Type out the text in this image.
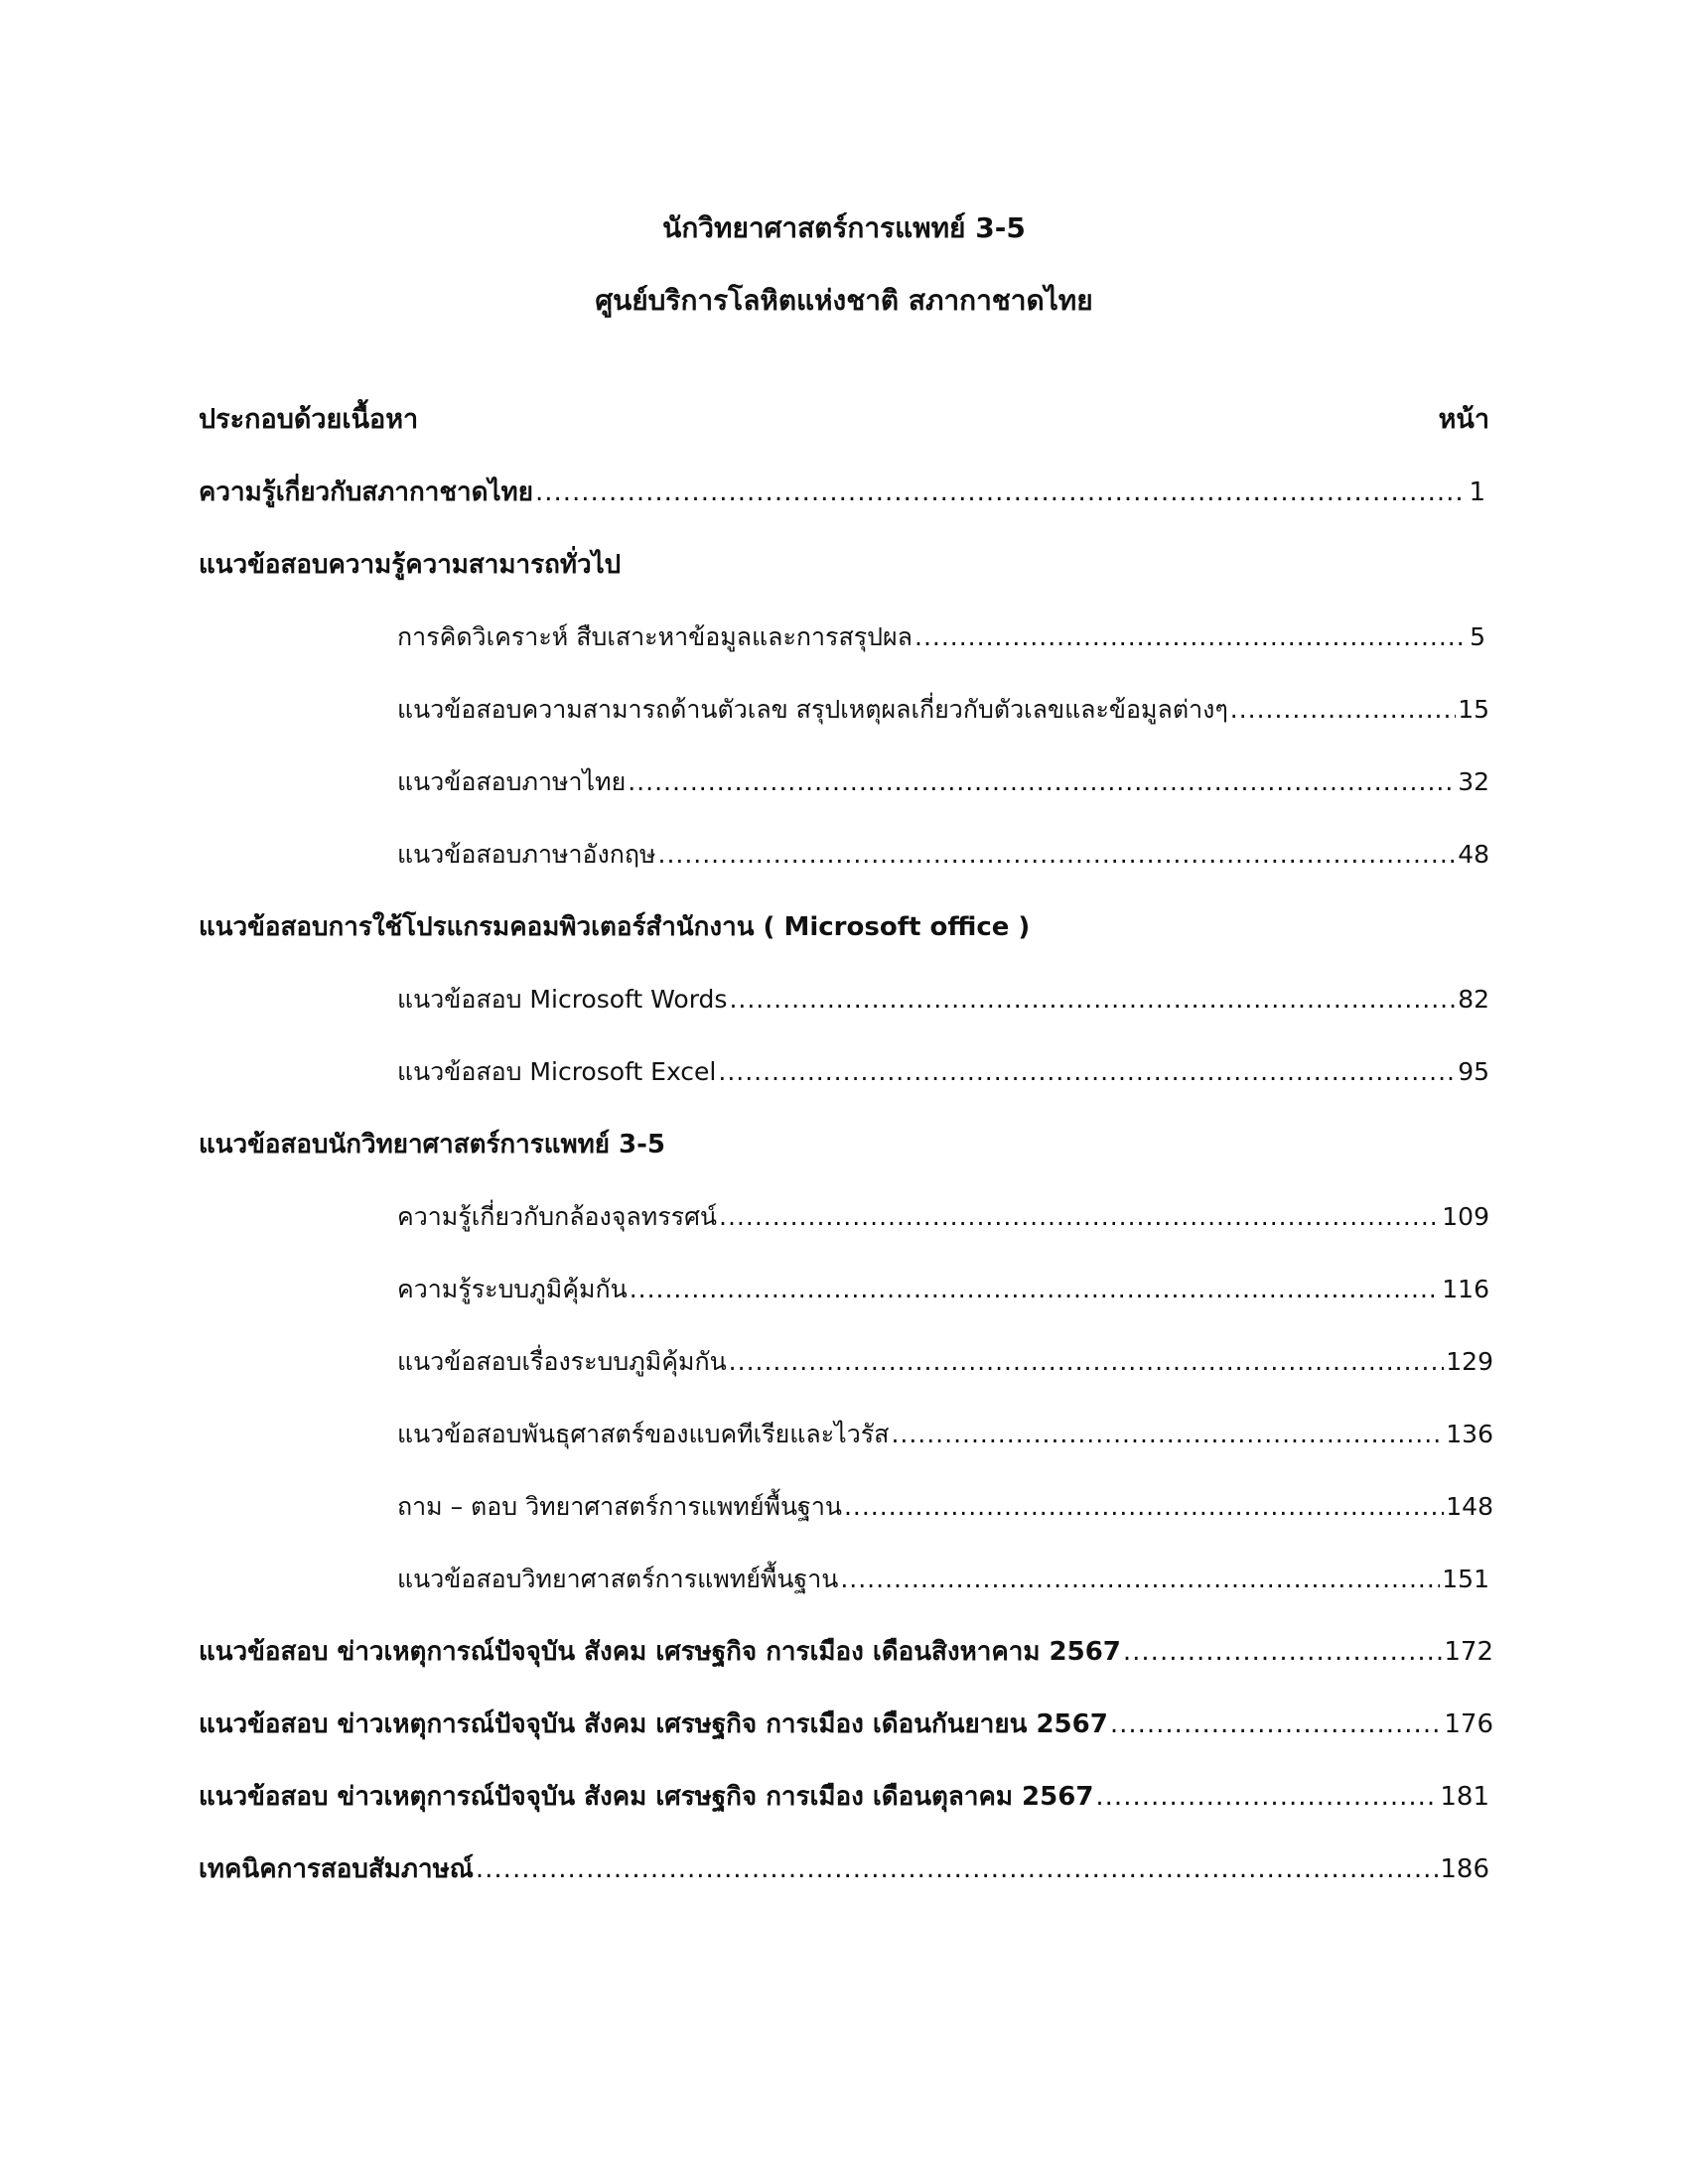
นักวิทยาศาสตร์การแพทย์ 3-5
ศูนย์บริการโลหิตแห่งชาติ สภากาชาดไทย
ประกอบด้วยเนื้อหา	หน้า
ความรู้เกี่ยวกับสภากาชาดไทย .....	1
แนวข้อสอบความรู้ความสามารถทั่วไป
การคิดวิเคราะห์ สืบเสาะหาข้อมูลและการสรุปผล .....	5
แนวข้อสอบความสามารถด้านตัวเลข สรุปเหตุผลเกี่ยวกับตัวเลขและข้อมูลต่างๆ .....	15
แนวข้อสอบภาษาไทย .....	32
แนวข้อสอบภาษาอังกฤษ .....	48
แนวข้อสอบการใช้โปรแกรมคอมพิวเตอร์สำนักงาน ( Microsoft office )
แนวข้อสอบ Microsoft Words .....	82
แนวข้อสอบ Microsoft Excel .....	95
แนวข้อสอบนักวิทยาศาสตร์การแพทย์ 3-5
ความรู้เกี่ยวกับกล้องจุลทรรศน์ .....	109
ความรู้ระบบภูมิคุ้มกัน .....	116
แนวข้อสอบเรื่องระบบภูมิคุ้มกัน .....	129
แนวข้อสอบพันธุศาสตร์ของแบคทีเรียและไวรัส .....	136
ถาม – ตอบ วิทยาศาสตร์การแพทย์พื้นฐาน .....	148
แนวข้อสอบวิทยาศาสตร์การแพทย์พื้นฐาน .....	151
แนวข้อสอบ ข่าวเหตุการณ์ปัจจุบัน สังคม เศรษฐกิจ การเมือง เดือนสิงหาคาม 2567 .....	172
แนวข้อสอบ ข่าวเหตุการณ์ปัจจุบัน สังคม เศรษฐกิจ การเมือง เดือนกันยายน 2567 .....	176
แนวข้อสอบ ข่าวเหตุการณ์ปัจจุบัน สังคม เศรษฐกิจ การเมือง เดือนตุลาคม 2567 .....	181
เทคนิคการสอบสัมภาษณ์ .....	186
